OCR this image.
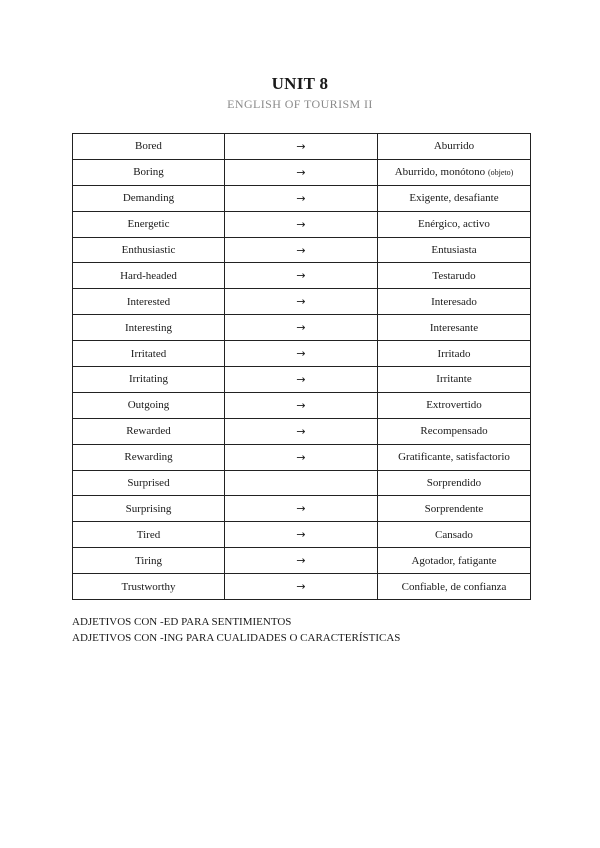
UNIT 8
ENGLISH OF TOURISM II
Bored	→	Aburrido
Boring	→	Aburrido, monótono (objeto)
Demanding	→	Exigente, desafiante
Energetic	→	Enérgico, activo
Enthusiastic	→	Entusiasta
Hard-headed	→	Testarudo
Interested	→	Interesado
Interesting	→	Interesante
Irritated	→	Irritado
Irritating	→	Irritante
Outgoing	→	Extrovertido
Rewarded	→	Recompensado
Rewarding	→	Gratificante, satisfactorio
Surprised		Sorprendido
Surprising	→	Sorprendente
Tired	→	Cansado
Tiring	→	Agotador, fatigante
Trustworthy	→	Confiable, de confianza
ADJETIVOS CON -ED PARA SENTIMIENTOS
ADJETIVOS CON -ING PARA CUALIDADES O CARACTERÍSTICAS
